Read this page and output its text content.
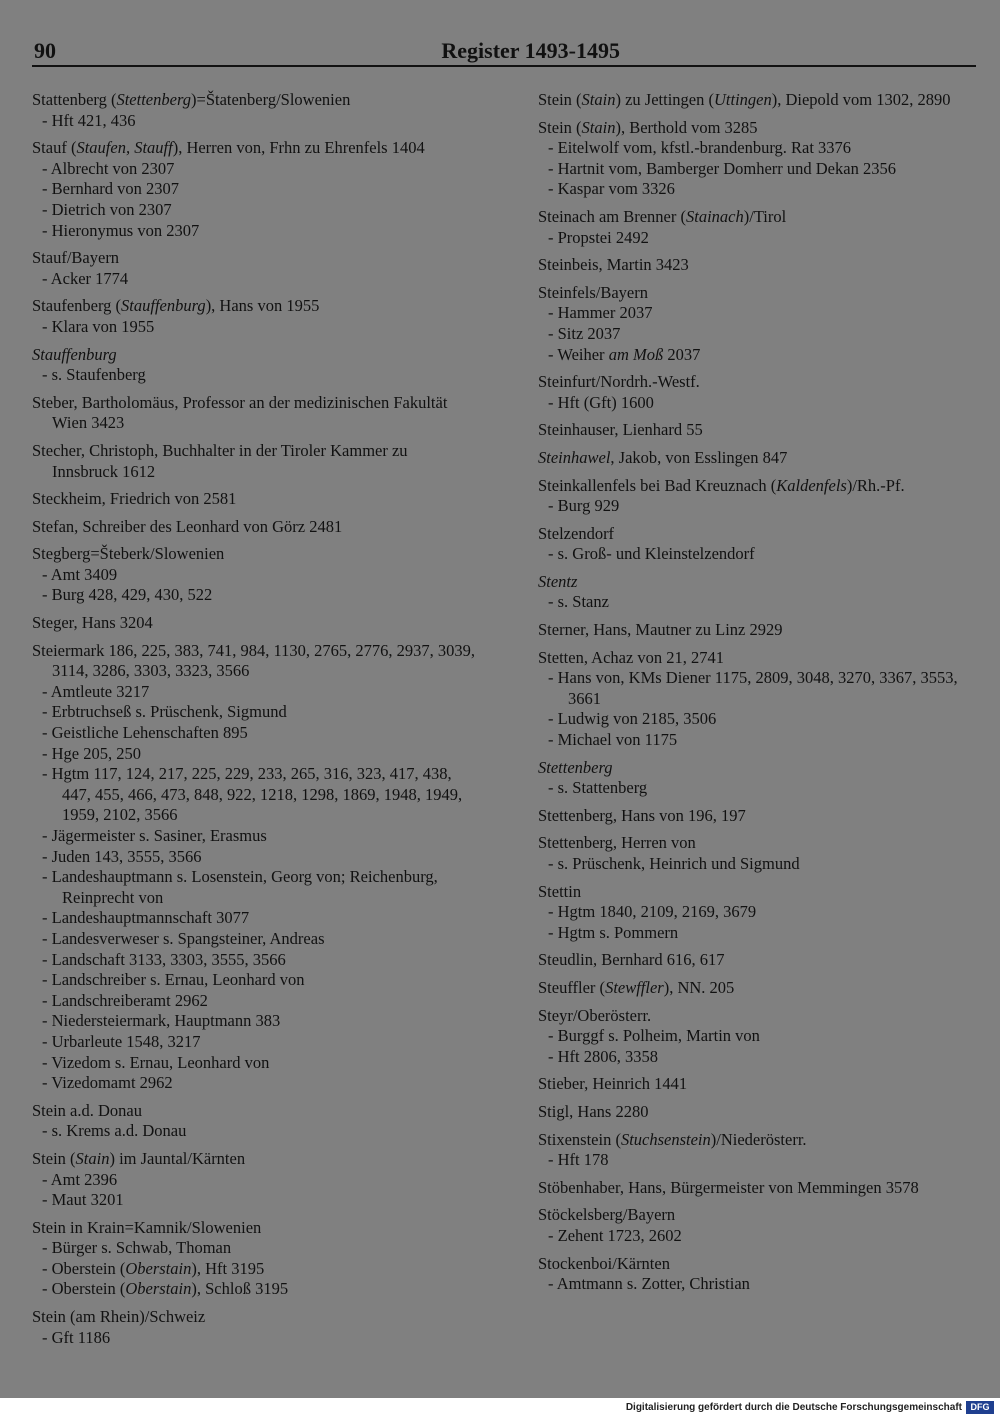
90	Register 1493-1495
Stattenberg (Stettenberg)=Štatenberg/Slowenien
- Hft 421, 436
Stauf (Staufen, Stauff), Herren von, Frhn zu Ehrenfels 1404
- Albrecht von 2307
- Bernhard von 2307
- Dietrich von 2307
- Hieronymus von 2307
Stauf/Bayern
- Acker 1774
Staufenberg (Stauffenburg), Hans von 1955
- Klara von 1955
Stauffenburg
- s. Staufenberg
Steber, Bartholomäus, Professor an der medizinischen Fakultät Wien 3423
Stecher, Christoph, Buchhalter in der Tiroler Kammer zu Innsbruck 1612
Steckheim, Friedrich von 2581
Stefan, Schreiber des Leonhard von Görz 2481
Stegberg=Šteberk/Slowenien
- Amt 3409
- Burg 428, 429, 430, 522
Steger, Hans 3204
Steiermark 186, 225, 383, 741, 984, 1130, 2765, 2776, 2937, 3039, 3114, 3286, 3303, 3323, 3566
- Amtleute 3217
- Erbtruchseß s. Prüschenk, Sigmund
- Geistliche Lehenschaften 895
- Hge 205, 250
- Hgtm 117, 124, 217, 225, 229, 233, 265, 316, 323, 417, 438, 447, 455, 466, 473, 848, 922, 1218, 1298, 1869, 1948, 1949, 1959, 2102, 3566
- Jägermeister s. Sasiner, Erasmus
- Juden 143, 3555, 3566
- Landeshauptmann s. Losenstein, Georg von; Reichenburg, Reinprecht von
- Landeshauptmannschaft 3077
- Landesverweser s. Spangsteiner, Andreas
- Landschaft 3133, 3303, 3555, 3566
- Landschreiber s. Ernau, Leonhard von
- Landschreiberamt 2962
- Niedersteiermark, Hauptmann 383
- Urbarleute 1548, 3217
- Vizedom s. Ernau, Leonhard von
- Vizedomamt 2962
Stein a.d. Donau
- s. Krems a.d. Donau
Stein (Stain) im Jauntal/Kärnten
- Amt 2396
- Maut 3201
Stein in Krain=Kamnik/Slowenien
- Bürger s. Schwab, Thoman
- Oberstein (Oberstain), Hft 3195
- Oberstein (Oberstain), Schloß 3195
Stein (am Rhein)/Schweiz
- Gft 1186
Stein (Stain) zu Jettingen (Uttingen), Diepold vom 1302, 2890
Stein (Stain), Berthold vom 3285
- Eitelwolf vom, kfstl.-brandenburg. Rat 3376
- Hartnit vom, Bamberger Domherr und Dekan 2356
- Kaspar vom 3326
Steinach am Brenner (Stainach)/Tirol
- Propstei 2492
Steinbeis, Martin 3423
Steinfels/Bayern
- Hammer 2037
- Sitz 2037
- Weiher am Moß 2037
Steinfurt/Nordrh.-Westf.
- Hft (Gft) 1600
Steinhauser, Lienhard 55
Steinhawel, Jakob, von Esslingen 847
Steinkallenfels bei Bad Kreuznach (Kaldenfels)/Rh.-Pf.
- Burg 929
Stelzendorf
- s. Groß- und Kleinstelzendorf
Stentz
- s. Stanz
Sterner, Hans, Mautner zu Linz 2929
Stetten, Achaz von 21, 2741
- Hans von, KMs Diener 1175, 2809, 3048, 3270, 3367, 3553, 3661
- Ludwig von 2185, 3506
- Michael von 1175
Stettenberg
- s. Stattenberg
Stettenberg, Hans von 196, 197
Stettenberg, Herren von
- s. Prüschenk, Heinrich und Sigmund
Stettin
- Hgtm 1840, 2109, 2169, 3679
- Hgtm s. Pommern
Steudlin, Bernhard 616, 617
Steuffler (Stewffler), NN. 205
Steyr/Oberösterr.
- Burggf s. Polheim, Martin von
- Hft 2806, 3358
Stieber, Heinrich 1441
Stigl, Hans 2280
Stixenstein (Stuchsenstein)/Niederösterr.
- Hft 178
Stöbenhaber, Hans, Bürgermeister von Memmingen 3578
Stöckelsberg/Bayern
- Zehent 1723, 2602
Stockenboi/Kärnten
- Amtmann s. Zotter, Christian
Digitalisierung gefördert durch die Deutsche Forschungsgemeinschaft DFG
